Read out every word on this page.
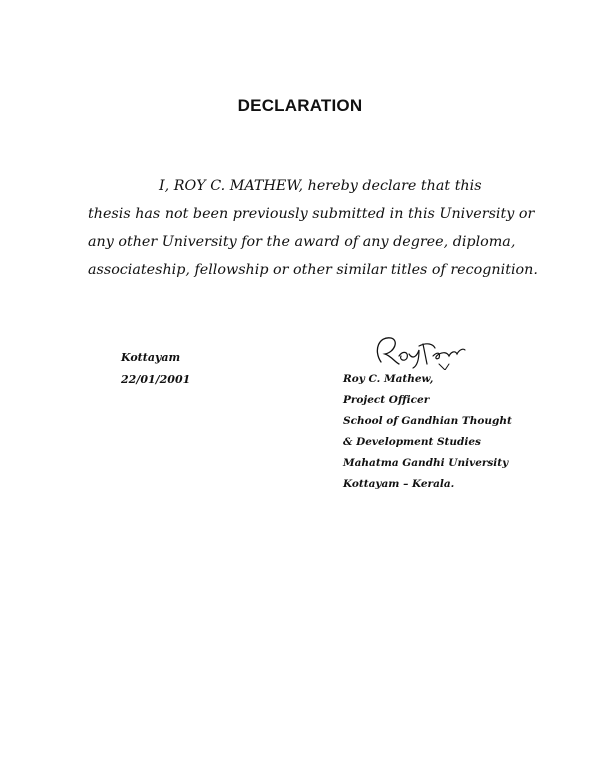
DECLARATION
I, ROY C. MATHEW, hereby declare that this
thesis has not been previously submitted in this University or
any other University for the award of any degree, diploma,
associateship, fellowship or other similar titles of recognition.
Kottayam
22/01/2001	Roy C. Mathew,
Project Officer
School of Gandhian Thought
& Development Studies
Mahatma Gandhi University
Kottayam – Kerala.
